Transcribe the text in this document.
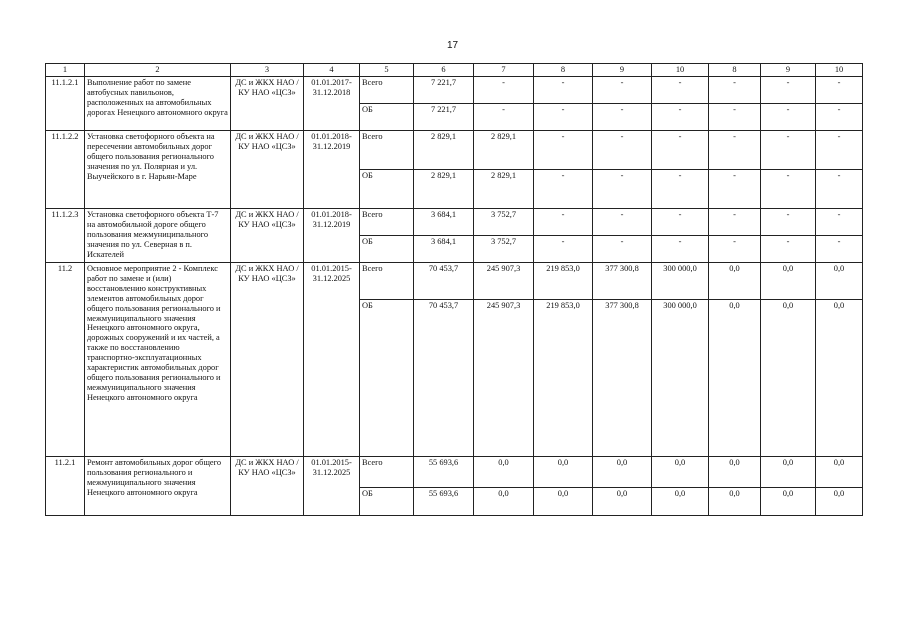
17
1	2	3	4	5	6	7	8	9	10	8	9	10
11.1.2.1	Выполнение работ по замене автобусных павильонов, расположенных на автомобильных дорогах Ненецкого автономного округа	ДС и ЖКХ НАО / КУ НАО «ЦСЗ»	01.01.2017-31.12.2018	Всего	7 221,7	-	-	-	-	-	-	-
				ОБ	7 221,7	-	-	-	-	-	-	-
11.1.2.2	Установка светофорного объекта на пересечении автомобильных дорог общего пользования регионального значения по ул. Полярная и ул. Выучейского в г. Нарьян-Маре	ДС и ЖКХ НАО / КУ НАО «ЦСЗ»	01.01.2018-31.12.2019	Всего	2 829,1	2 829,1	-	-	-	-	-	-
				ОБ	2 829,1	2 829,1	-	-	-	-	-	-
11.1.2.3	Установка светофорного объекта Т-7 на автомобильной дороге общего пользования межмуниципального значения по ул. Северная в п. Искателей	ДС и ЖКХ НАО / КУ НАО «ЦСЗ»	01.01.2018-31.12.2019	Всего	3 684,1	3 752,7	-	-	-	-	-	-
				ОБ	3 684,1	3 752,7	-	-	-	-	-	-
11.2	Основное мероприятие 2 - Комплекс работ по замене и (или) восстановлению конструктивных элементов автомобильных дорог общего пользования регионального и межмуниципального значения Ненецкого автономного округа, дорожных сооружений и их частей, а также по восстановлению транспортно-эксплуатационных характеристик автомобильных дорог общего пользования регионального и межмуниципального значения Ненецкого автономного округа	ДС и ЖКХ НАО / КУ НАО «ЦСЗ»	01.01.2015-31.12.2025	Всего	70 453,7	245 907,3	219 853,0	377 300,8	300 000,0	0,0	0,0	0,0
				ОБ	70 453,7	245 907,3	219 853,0	377 300,8	300 000,0	0,0	0,0	0,0
11.2.1	Ремонт автомобильных дорог общего пользования регионального и межмуниципального значения Ненецкого автономного округа	ДС и ЖКХ НАО / КУ НАО «ЦСЗ»	01.01.2015-31.12.2025	Всего	55 693,6	0,0	0,0	0,0	0,0	0,0	0,0	0,0
				ОБ	55 693,6	0,0	0,0	0,0	0,0	0,0	0,0	0,0
